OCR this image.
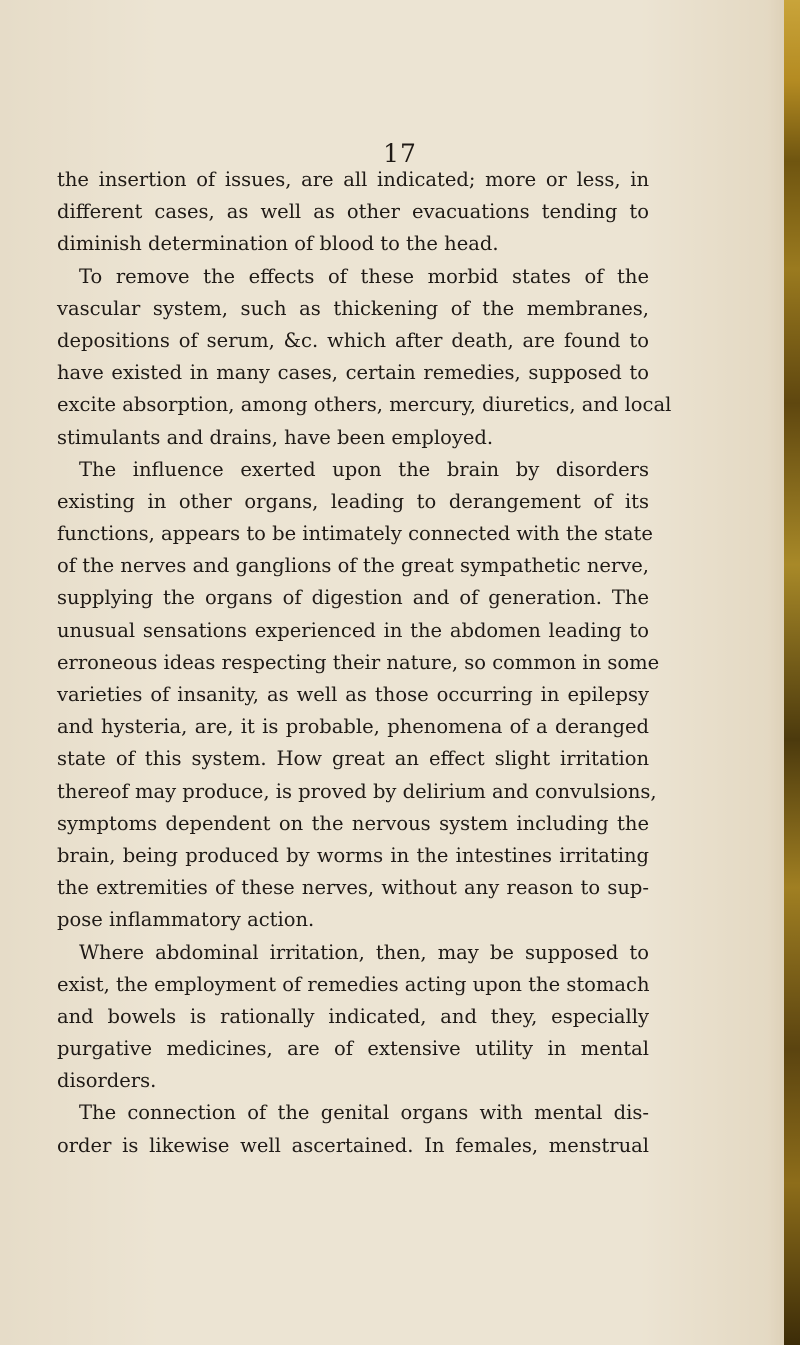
17
the insertion of issues, are all indicated; more or less, in
different cases, as well as other evacuations tending to
diminish determination of blood to the head.
To remove the effects of these morbid states of the
vascular system, such as thickening of the membranes,
depositions of serum, &c. which after death, are found to
have existed in many cases, certain remedies, supposed to
excite absorption, among others, mercury, diuretics, and local
stimulants and drains, have been employed.
The influence exerted upon the brain by disorders
existing in other organs, leading to derangement of its
functions, appears to be intimately connected with the state
of the nerves and ganglions of the great sympathetic nerve,
supplying the organs of digestion and of generation. The
unusual sensations experienced in the abdomen leading to
erroneous ideas respecting their nature, so common in some
varieties of insanity, as well as those occurring in epilepsy
and hysteria, are, it is probable, phenomena of a deranged
state of this system. How great an effect slight irritation
thereof may produce, is proved by delirium and convulsions,
symptoms dependent on the nervous system including the
brain, being produced by worms in the intestines irritating
the extremities of these nerves, without any reason to sup-
pose inflammatory action.
Where abdominal irritation, then, may be supposed to
exist, the employment of remedies acting upon the stomach
and bowels is rationally indicated, and they, especially
purgative medicines, are of extensive utility in mental
disorders.
The connection of the genital organs with mental dis-
order is likewise well ascertained. In females, menstrual
